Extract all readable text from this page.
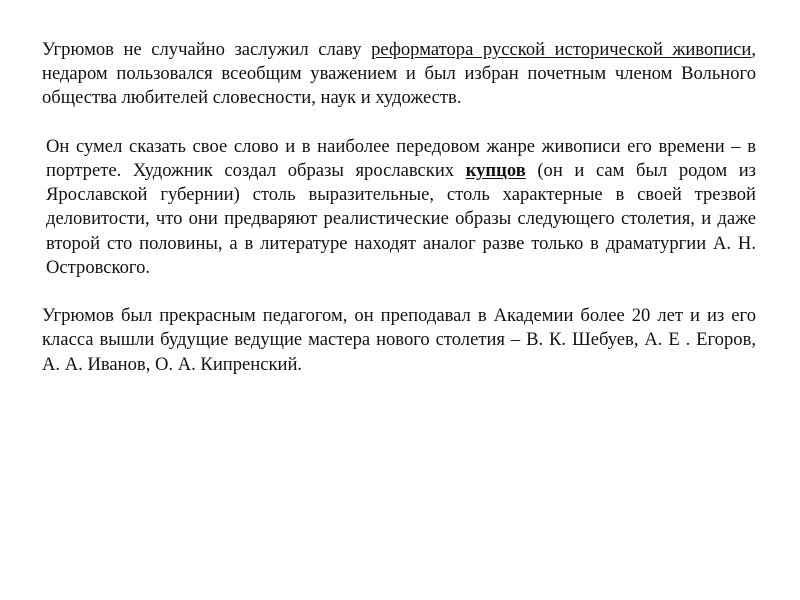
Угрюмов не случайно заслужил славу реформатора русской исторической живописи, недаром пользовался всеобщим уважением и был избран почетным членом Вольного общества любителей словесности, наук и художеств.

Он сумел сказать свое слово и в наиболее передовом жанре живописи его времени – в портрете. Художник создал образы ярославских купцов (он и сам был родом из Ярославской губернии) столь выразительные, столь характерные в своей трезвой деловитости, что они предваряют реалистические образы следующего столетия, и даже второй сто половины, а в литературе находят аналог разве только в драматургии А. Н. Островского.

Угрюмов был прекрасным педагогом, он преподавал в Академии более 20 лет и из его класса вышли будущие ведущие мастера нового столетия – В. К. Шебуев, А. Е . Егоров, А. А. Иванов, О. А. Кипренский.
